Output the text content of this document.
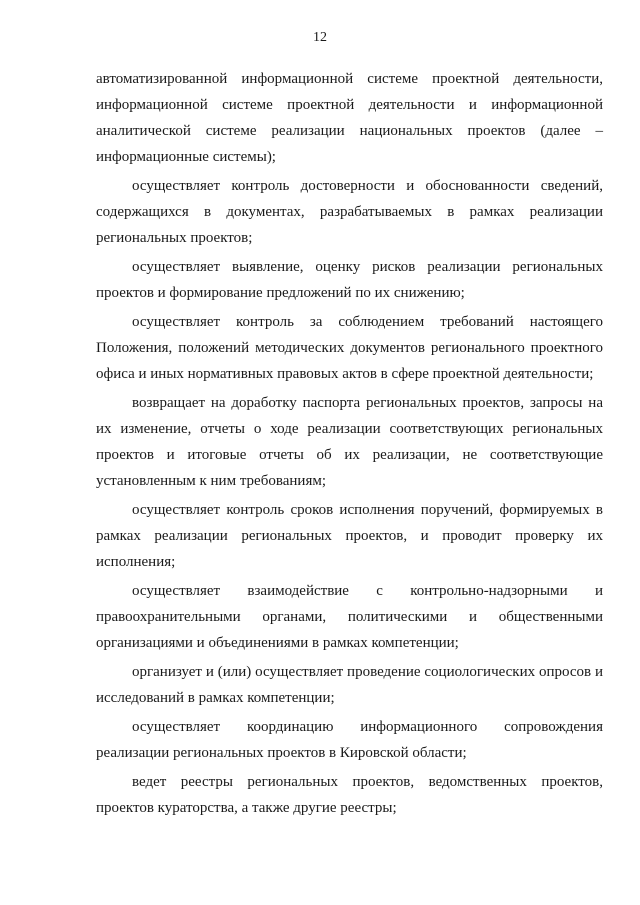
12

автоматизированной информационной системе проектной деятельности, информационной системе проектной деятельности и информационной аналитической системе реализации национальных проектов (далее – информационные системы);

осуществляет контроль достоверности и обоснованности сведений, содержащихся в документах, разрабатываемых в рамках реализации региональных проектов;

осуществляет выявление, оценку рисков реализации региональных проектов и формирование предложений по их снижению;

осуществляет контроль за соблюдением требований настоящего Положения, положений методических документов регионального проектного офиса и иных нормативных правовых актов в сфере проектной деятельности;

возвращает на доработку паспорта региональных проектов, запросы на их изменение, отчеты о ходе реализации соответствующих региональных проектов и итоговые отчеты об их реализации, не соответствующие установленным к ним требованиям;

осуществляет контроль сроков исполнения поручений, формируемых в рамках реализации региональных проектов, и проводит проверку их исполнения;

осуществляет взаимодействие с контрольно-надзорными и правоохранительными органами, политическими и общественными организациями и объединениями в рамках компетенции;

организует и (или) осуществляет проведение социологических опросов и исследований в рамках компетенции;

осуществляет координацию информационного сопровождения реализации региональных проектов в Кировской области;

ведет реестры региональных проектов, ведомственных проектов, проектов кураторства, а также другие реестры;
